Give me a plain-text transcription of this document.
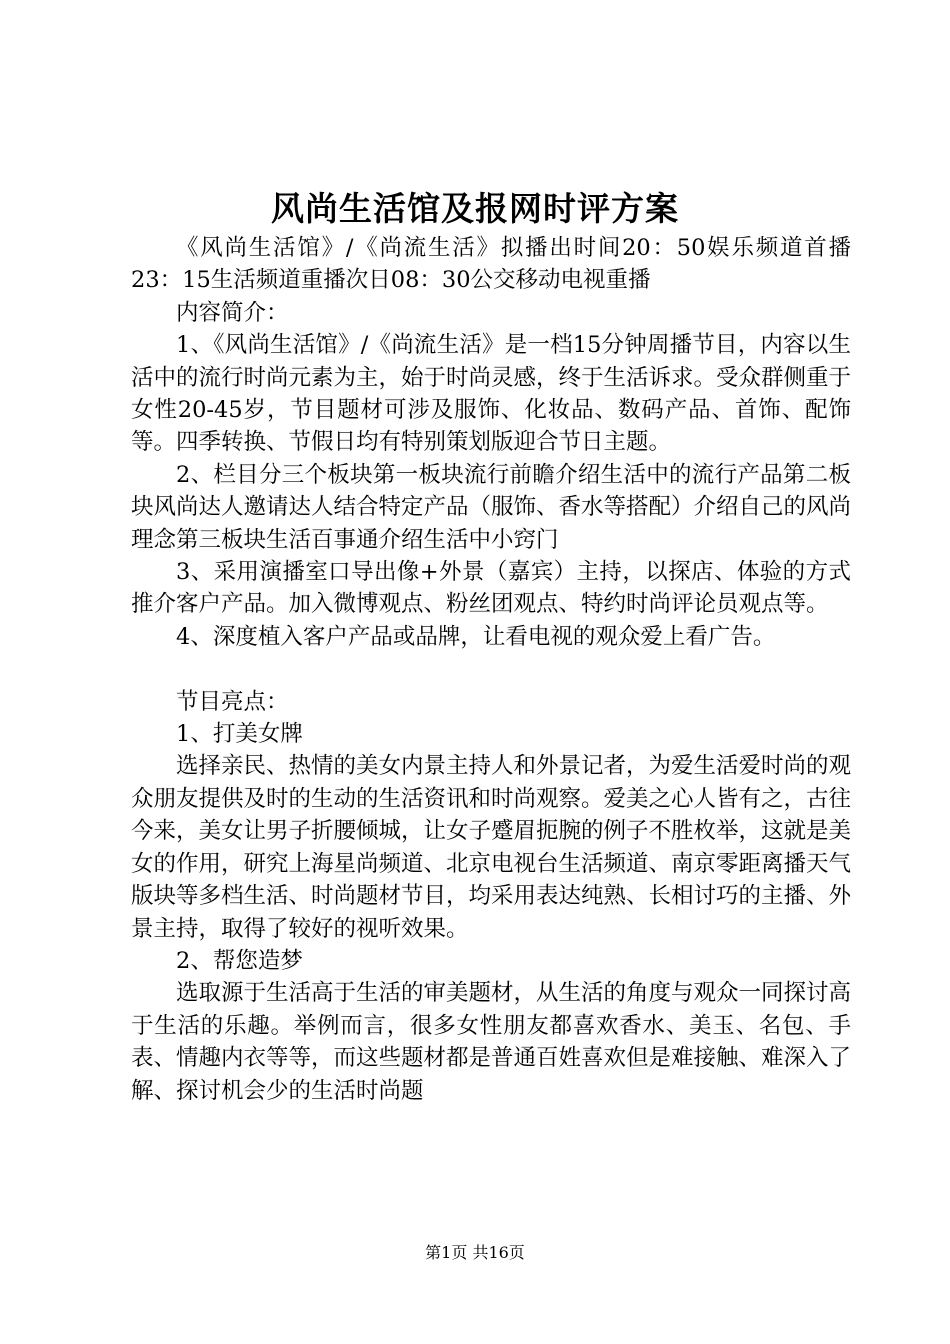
风尚生活馆及报网时评方案

《风尚生活馆》/《尚流生活》拟播出时间20：50娱乐频道首播23：15生活频道重播次日08：30公交移动电视重播

内容简介：

1、《风尚生活馆》/《尚流生活》是一档15分钟周播节目，内容以生活中的流行时尚元素为主，始于时尚灵感，终于生活诉求。受众群侧重于女性20-45岁，节目题材可涉及服饰、化妆品、数码产品、首饰、配饰等。四季转换、节假日均有特别策划版迎合节日主题。

2、栏目分三个板块第一板块流行前瞻介绍生活中的流行产品第二板块风尚达人邀请达人结合特定产品（服饰、香水等搭配）介绍自己的风尚理念第三板块生活百事通介绍生活中小窍门

3、采用演播室口导出像+外景（嘉宾）主持，以探店、体验的方式推介客户产品。加入微博观点、粉丝团观点、特约时尚评论员观点等。

4、深度植入客户产品或品牌，让看电视的观众爱上看广告。

节目亮点：

1、打美女牌

选择亲民、热情的美女内景主持人和外景记者，为爱生活爱时尚的观众朋友提供及时的生动的生活资讯和时尚观察。爱美之心人皆有之，古往今来，美女让男子折腰倾城，让女子蹙眉扼腕的例子不胜枚举，这就是美女的作用，研究上海星尚频道、北京电视台生活频道、南京零距离播天气版块等多档生活、时尚题材节目，均采用表达纯熟、长相讨巧的主播、外景主持，取得了较好的视听效果。

2、帮您造梦

选取源于生活高于生活的审美题材，从生活的角度与观众一同探讨高于生活的乐趣。举例而言，很多女性朋友都喜欢香水、美玉、名包、手表、情趣内衣等等，而这些题材都是普通百姓喜欢但是难接触、难深入了解、探讨机会少的生活时尚题

第1页 共16页
